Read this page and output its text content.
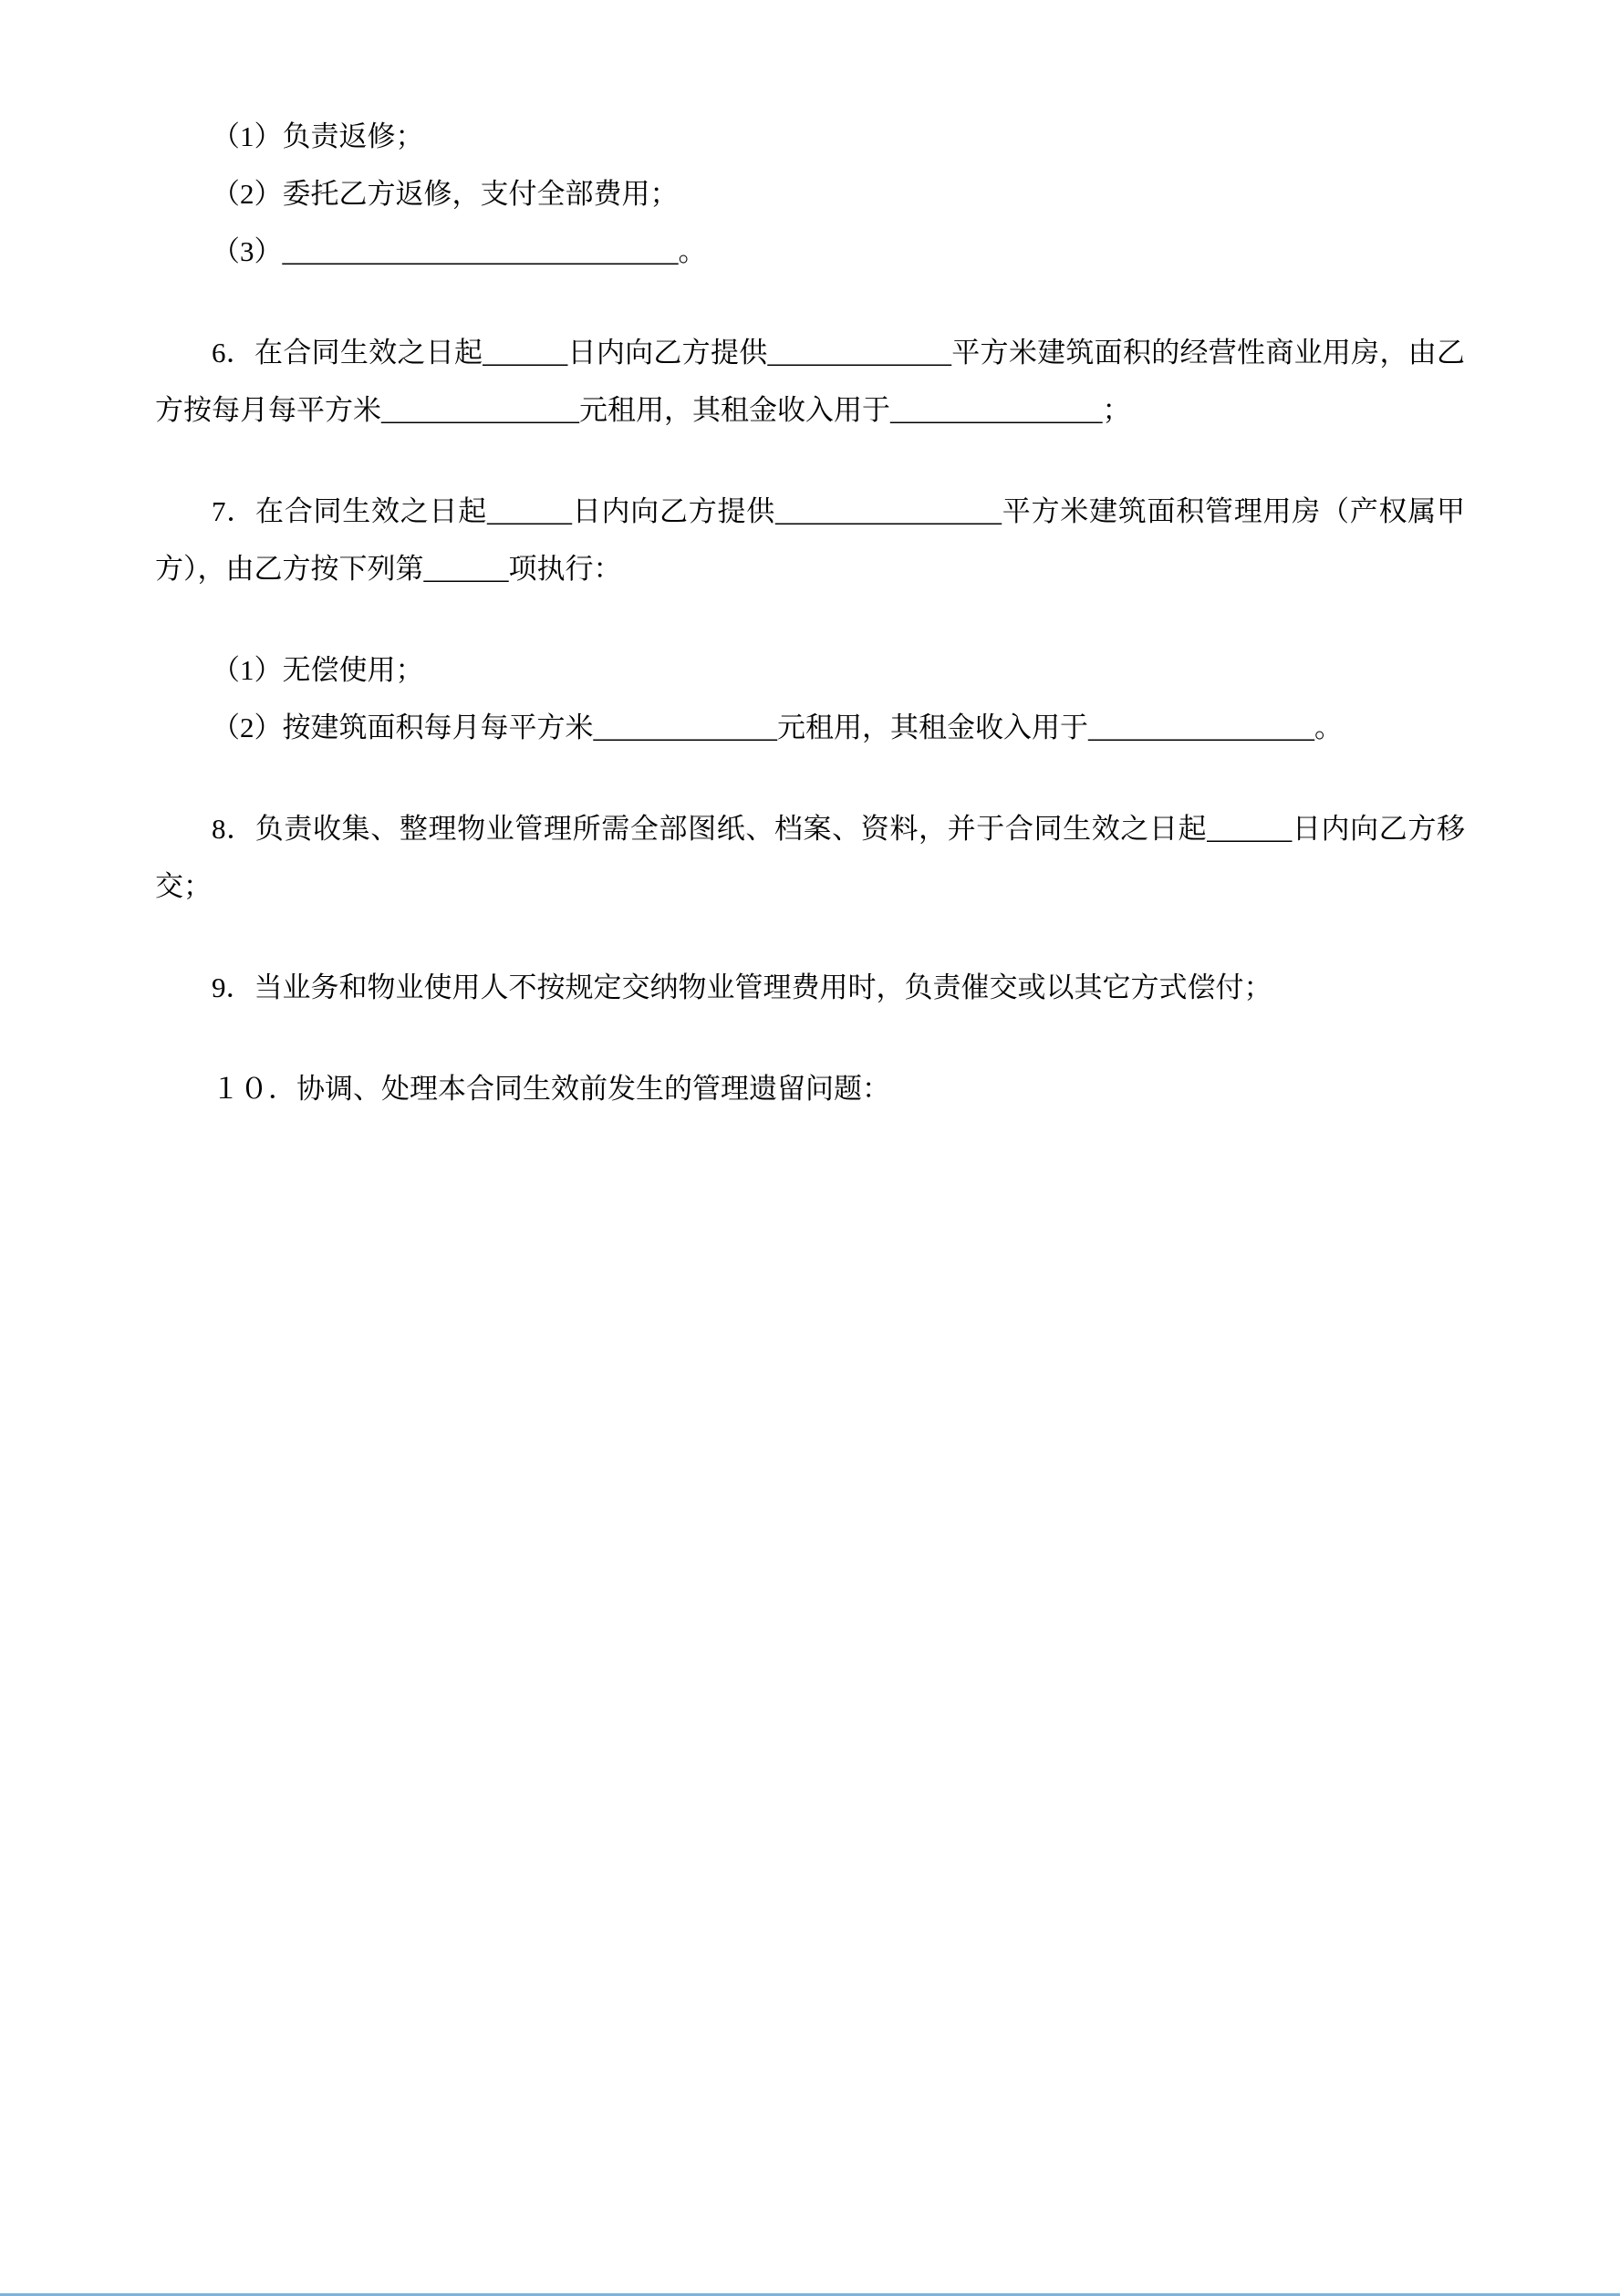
（1）负责返修；

（2）委托乙方返修，支付全部费用；

（3）____________________________。

6．在合同生效之日起______日内向乙方提供_____________平方米建筑面积的经营性商业用房，由乙方按每月每平方米______________元租用，其租金收入用于_______________；

7．在合同生效之日起______日内向乙方提供________________平方米建筑面积管理用房（产权属甲方），由乙方按下列第______项执行：

（1）无偿使用；

（2）按建筑面积每月每平方米_____________元租用，其租金收入用于________________。

8．负责收集、整理物业管理所需全部图纸、档案、资料，并于合同生效之日起______日内向乙方移交；

9．当业务和物业使用人不按规定交纳物业管理费用时，负责催交或以其它方式偿付；

１０．协调、处理本合同生效前发生的管理遗留问题：
